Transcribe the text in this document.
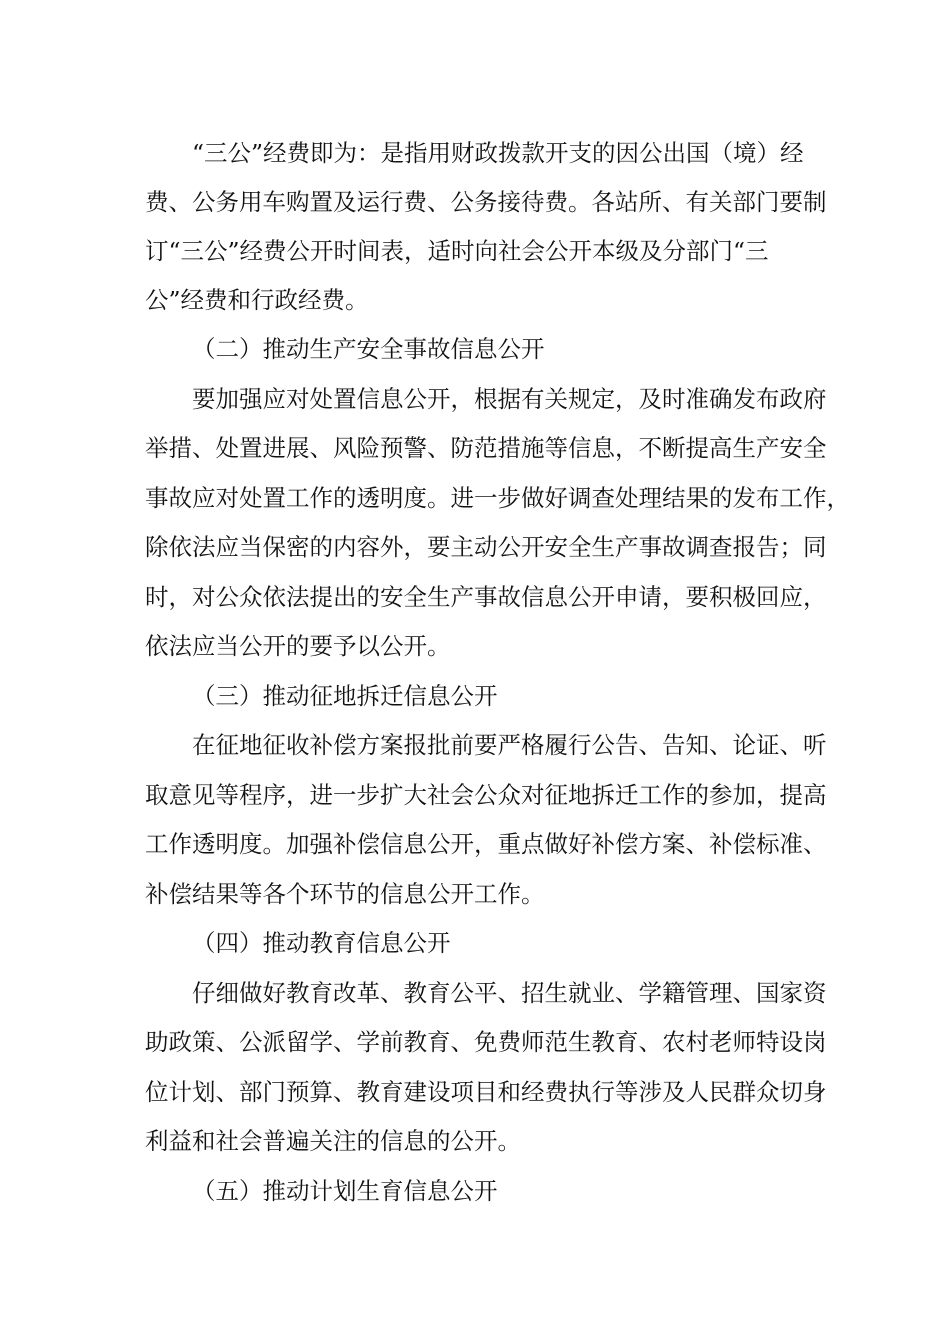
“三公”经费即为：是指用财政拨款开支的因公出国（境）经

费、公务用车购置及运行费、公务接待费。各站所、有关部门要制

订“三公”经费公开时间表，适时向社会公开本级及分部门“三

公”经费和行政经费。

（二）推动生产安全事故信息公开

要加强应对处置信息公开，根据有关规定，及时准确发布政府

举措、处置进展、风险预警、防范措施等信息，不断提高生产安全

事故应对处置工作的透明度。进一步做好调查处理结果的发布工作，

除依法应当保密的内容外，要主动公开安全生产事故调查报告；同

时，对公众依法提出的安全生产事故信息公开申请，要积极回应，

依法应当公开的要予以公开。

（三）推动征地拆迁信息公开

在征地征收补偿方案报批前要严格履行公告、告知、论证、听

取意见等程序，进一步扩大社会公众对征地拆迁工作的参加，提高

工作透明度。加强补偿信息公开，重点做好补偿方案、补偿标准、

补偿结果等各个环节的信息公开工作。

（四）推动教育信息公开

仔细做好教育改革、教育公平、招生就业、学籍管理、国家资

助政策、公派留学、学前教育、免费师范生教育、农村老师特设岗

位计划、部门预算、教育建设项目和经费执行等涉及人民群众切身

利益和社会普遍关注的信息的公开。

（五）推动计划生育信息公开
